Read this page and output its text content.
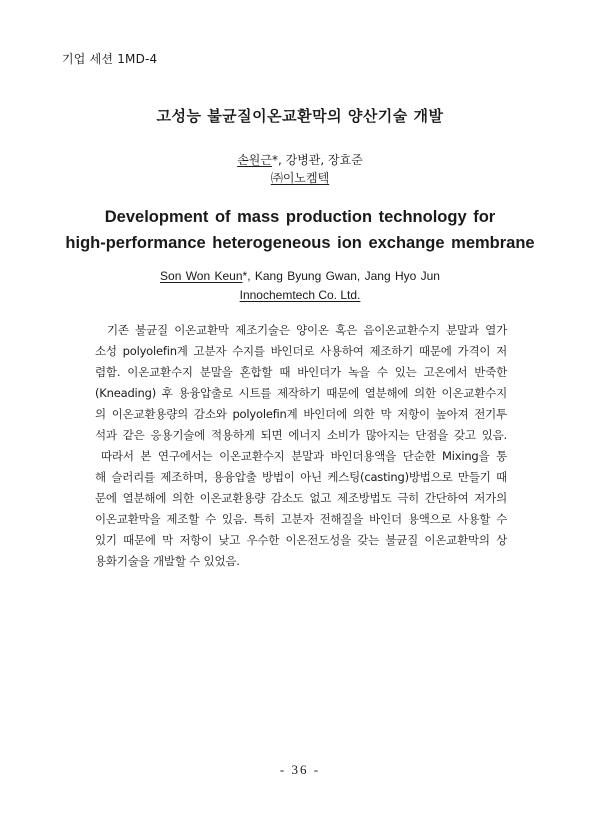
기업 세션 1MD-4
고성능 불균질이온교환막의 양산기술 개발
손원근*, 강병관, 장효준
㈜이노켐텍
Development of mass production technology for
high-performance heterogeneous ion exchange membrane
Son Won Keun*, Kang Byung Gwan, Jang Hyo Jun
Innochemtech Co. Ltd.
기존 불균질 이온교환막 제조기술은 양이온 혹은 음이온교환수지 분말과 열가
소성 polyolefin계 고분자 수지를 바인더로 사용하여 제조하기 때문에 가격이 저
렴함. 이온교환수지 분말을 혼합할 때 바인더가 녹을 수 있는 고온에서 반죽한
(Kneading) 후 용융압출로 시트를 제작하기 때문에 열분해에 의한 이온교환수지
의 이온교환용량의 감소와 polyolefin계 바인더에 의한 막 저항이 높아져 전기투
석과 같은 응용기술에 적용하게 되면 에너지 소비가 많아지는 단점을 갖고 있음.
따라서 본 연구에서는 이온교환수지 분말과 바인더용액을 단순한 Mixing을 통
해 슬러리를 제조하며, 용융압출 방법이 아닌 케스팅(casting)방법으로 만들기 때
문에 열분해에 의한 이온교환용량 감소도 없고 제조방법도 극히 간단하여 저가의
이온교환막을 제조할 수 있음. 특히 고분자 전해질을 바인더 용액으로 사용할 수
있기 때문에 막 저항이 낮고 우수한 이온전도성을 갖는 불균질 이온교환막의 상
용화기술을 개발할 수 있었음.
- 36 -
